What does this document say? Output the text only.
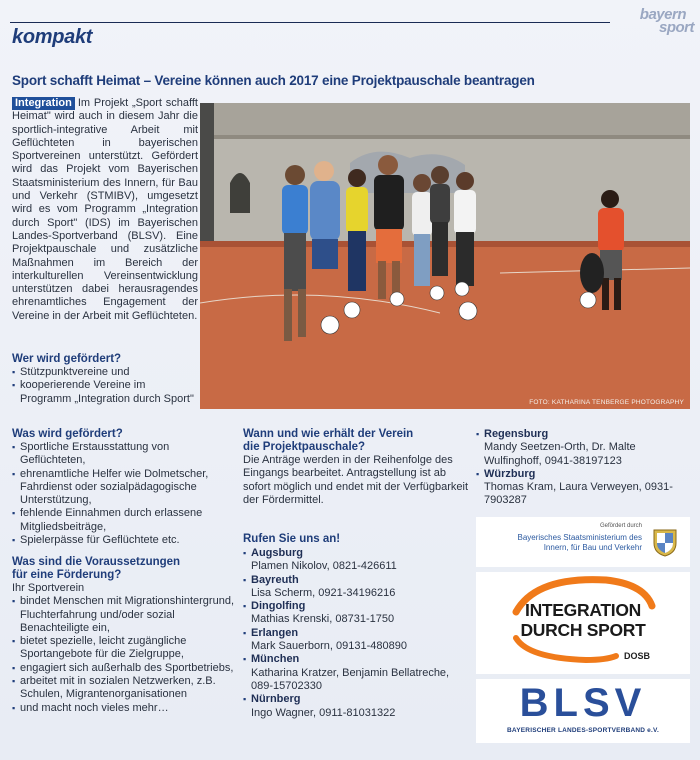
bayern
sport
kompakt
Sport schafft Heimat – Vereine können auch 2017 eine Projektpauschale beantragen
Integration Im Projekt „Sport schafft Heimat" wird auch in diesem Jahr die sportlich-integrative Arbeit mit Geflüchteten in bayerischen Sportvereinen unterstützt. Gefördert wird das Projekt vom Bayerischen Staatsministerium des Innern, für Bau und Verkehr (STMIBV), umgesetzt wird es vom Programm „Integration durch Sport" (IDS) im Bayerischen Landes-Sportverband (BLSV). Eine Projektpauschale und zusätzliche Maßnahmen im Bereich der interkulturellen Vereinsentwicklung unterstützen dabei herausragendes ehrenamtliches Engagement der Vereine in der Arbeit mit Geflüchteten.
FOTO: KATHARINA TENBERGE PHOTOGRAPHY
Wer wird gefördert?
▪ Stützpunktvereine und
▪ kooperierende Vereine im Programm „Integration durch Sport"
Was wird gefördert?
▪ Sportliche Erstausstattung von Geflüchteten,
▪ ehrenamtliche Helfer wie Dolmetscher, Fahrdienst oder sozialpädagogische Unterstützung,
▪ fehlende Einnahmen durch erlassene Mitgliedsbeiträge,
▪ Spielerpässe für Geflüchtete etc.
Was sind die Voraussetzungen
für eine Förderung?
Ihr Sportverein
▪ bindet Menschen mit Migrationshintergrund, Fluchterfahrung und/oder sozial Benachteiligte ein,
▪ bietet spezielle, leicht zugängliche Sportangebote für die Zielgruppe,
▪ engagiert sich außerhalb des Sportbetriebs,
▪ arbeitet mit in sozialen Netzwerken, z.B. Schulen, Migrantenorganisationen
▪ und macht noch vieles mehr…
Wann und wie erhält der Verein
die Projektpauschale?
Die Anträge werden in der Reihenfolge des Eingangs bearbeitet. Antragstellung ist ab sofort möglich und endet mit der Verfügbarkeit der Fördermittel.
Rufen Sie uns an!
▪ Augsburg
Plamen Nikolov, 0821-426611
▪ Bayreuth
Lisa Scherm, 0921-34196216
▪ Dingolfing
Mathias Krenski, 08731-1750
▪ Erlangen
Mark Sauerborn, 09131-480890
▪ München
Katharina Kratzer, Benjamin Bellatreche, 089-15702330
▪ Nürnberg
Ingo Wagner, 0911-81031322
▪ Regensburg
Mandy Seetzen-Orth, Dr. Malte Wulfinghoff, 0941-38197123
▪ Würzburg
Thomas Kram, Laura Verweyen, 0931-7903287
Gefördert durch
Bayerisches Staatsministerium des
Innern, für Bau und Verkehr
INTEGRATION
DURCH SPORT
DOSB
BLSV
BAYERISCHER LANDES-SPORTVERBAND e.V.
